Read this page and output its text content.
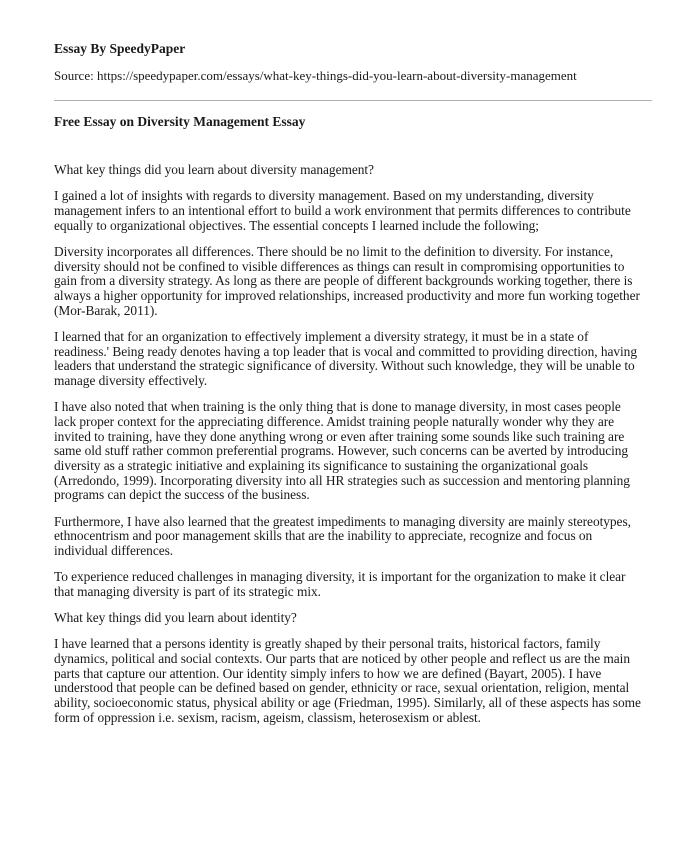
Essay By SpeedyPaper
Source: https://speedypaper.com/essays/what-key-things-did-you-learn-about-diversity-management
Free Essay on Diversity Management Essay

What key things did you learn about diversity management?

I gained a lot of insights with regards to diversity management. Based on my understanding, diversity management infers to an intentional effort to build a work environment that permits differences to contribute equally to organizational objectives. The essential concepts I learned include the following;

Diversity incorporates all differences. There should be no limit to the definition to diversity. For instance, diversity should not be confined to visible differences as things can result in compromising opportunities to gain from a diversity strategy. As long as there are people of different backgrounds working together, there is always a higher opportunity for improved relationships, increased productivity and more fun working together (Mor-Barak, 2011).

I learned that for an organization to effectively implement a diversity strategy, it must be in a state of readiness.' Being ready denotes having a top leader that is vocal and committed to providing direction, having leaders that understand the strategic significance of diversity. Without such knowledge, they will be unable to manage diversity effectively.

I have also noted that when training is the only thing that is done to manage diversity, in most cases people lack proper context for the appreciating difference. Amidst training people naturally wonder why they are invited to training, have they done anything wrong or even after training some sounds like such training are same old stuff rather common preferential programs. However, such concerns can be averted by introducing diversity as a strategic initiative and explaining its significance to sustaining the organizational goals (Arredondo, 1999). Incorporating diversity into all HR strategies such as succession and mentoring planning programs can depict the success of the business.

Furthermore, I have also learned that the greatest impediments to managing diversity are mainly stereotypes, ethnocentrism and poor management skills that are the inability to appreciate, recognize and focus on individual differences.

To experience reduced challenges in managing diversity, it is important for the organization to make it clear that managing diversity is part of its strategic mix.

What key things did you learn about identity?

I have learned that a persons identity is greatly shaped by their personal traits, historical factors, family dynamics, political and social contexts. Our parts that are noticed by other people and reflect us are the main parts that capture our attention. Our identity simply infers to how we are defined (Bayart, 2005). I have understood that people can be defined based on gender, ethnicity or race, sexual orientation, religion, mental ability, socioeconomic status, physical ability or age (Friedman, 1995). Similarly, all of these aspects has some form of oppression i.e. sexism, racism, ageism, classism, heterosexism or ablest.
